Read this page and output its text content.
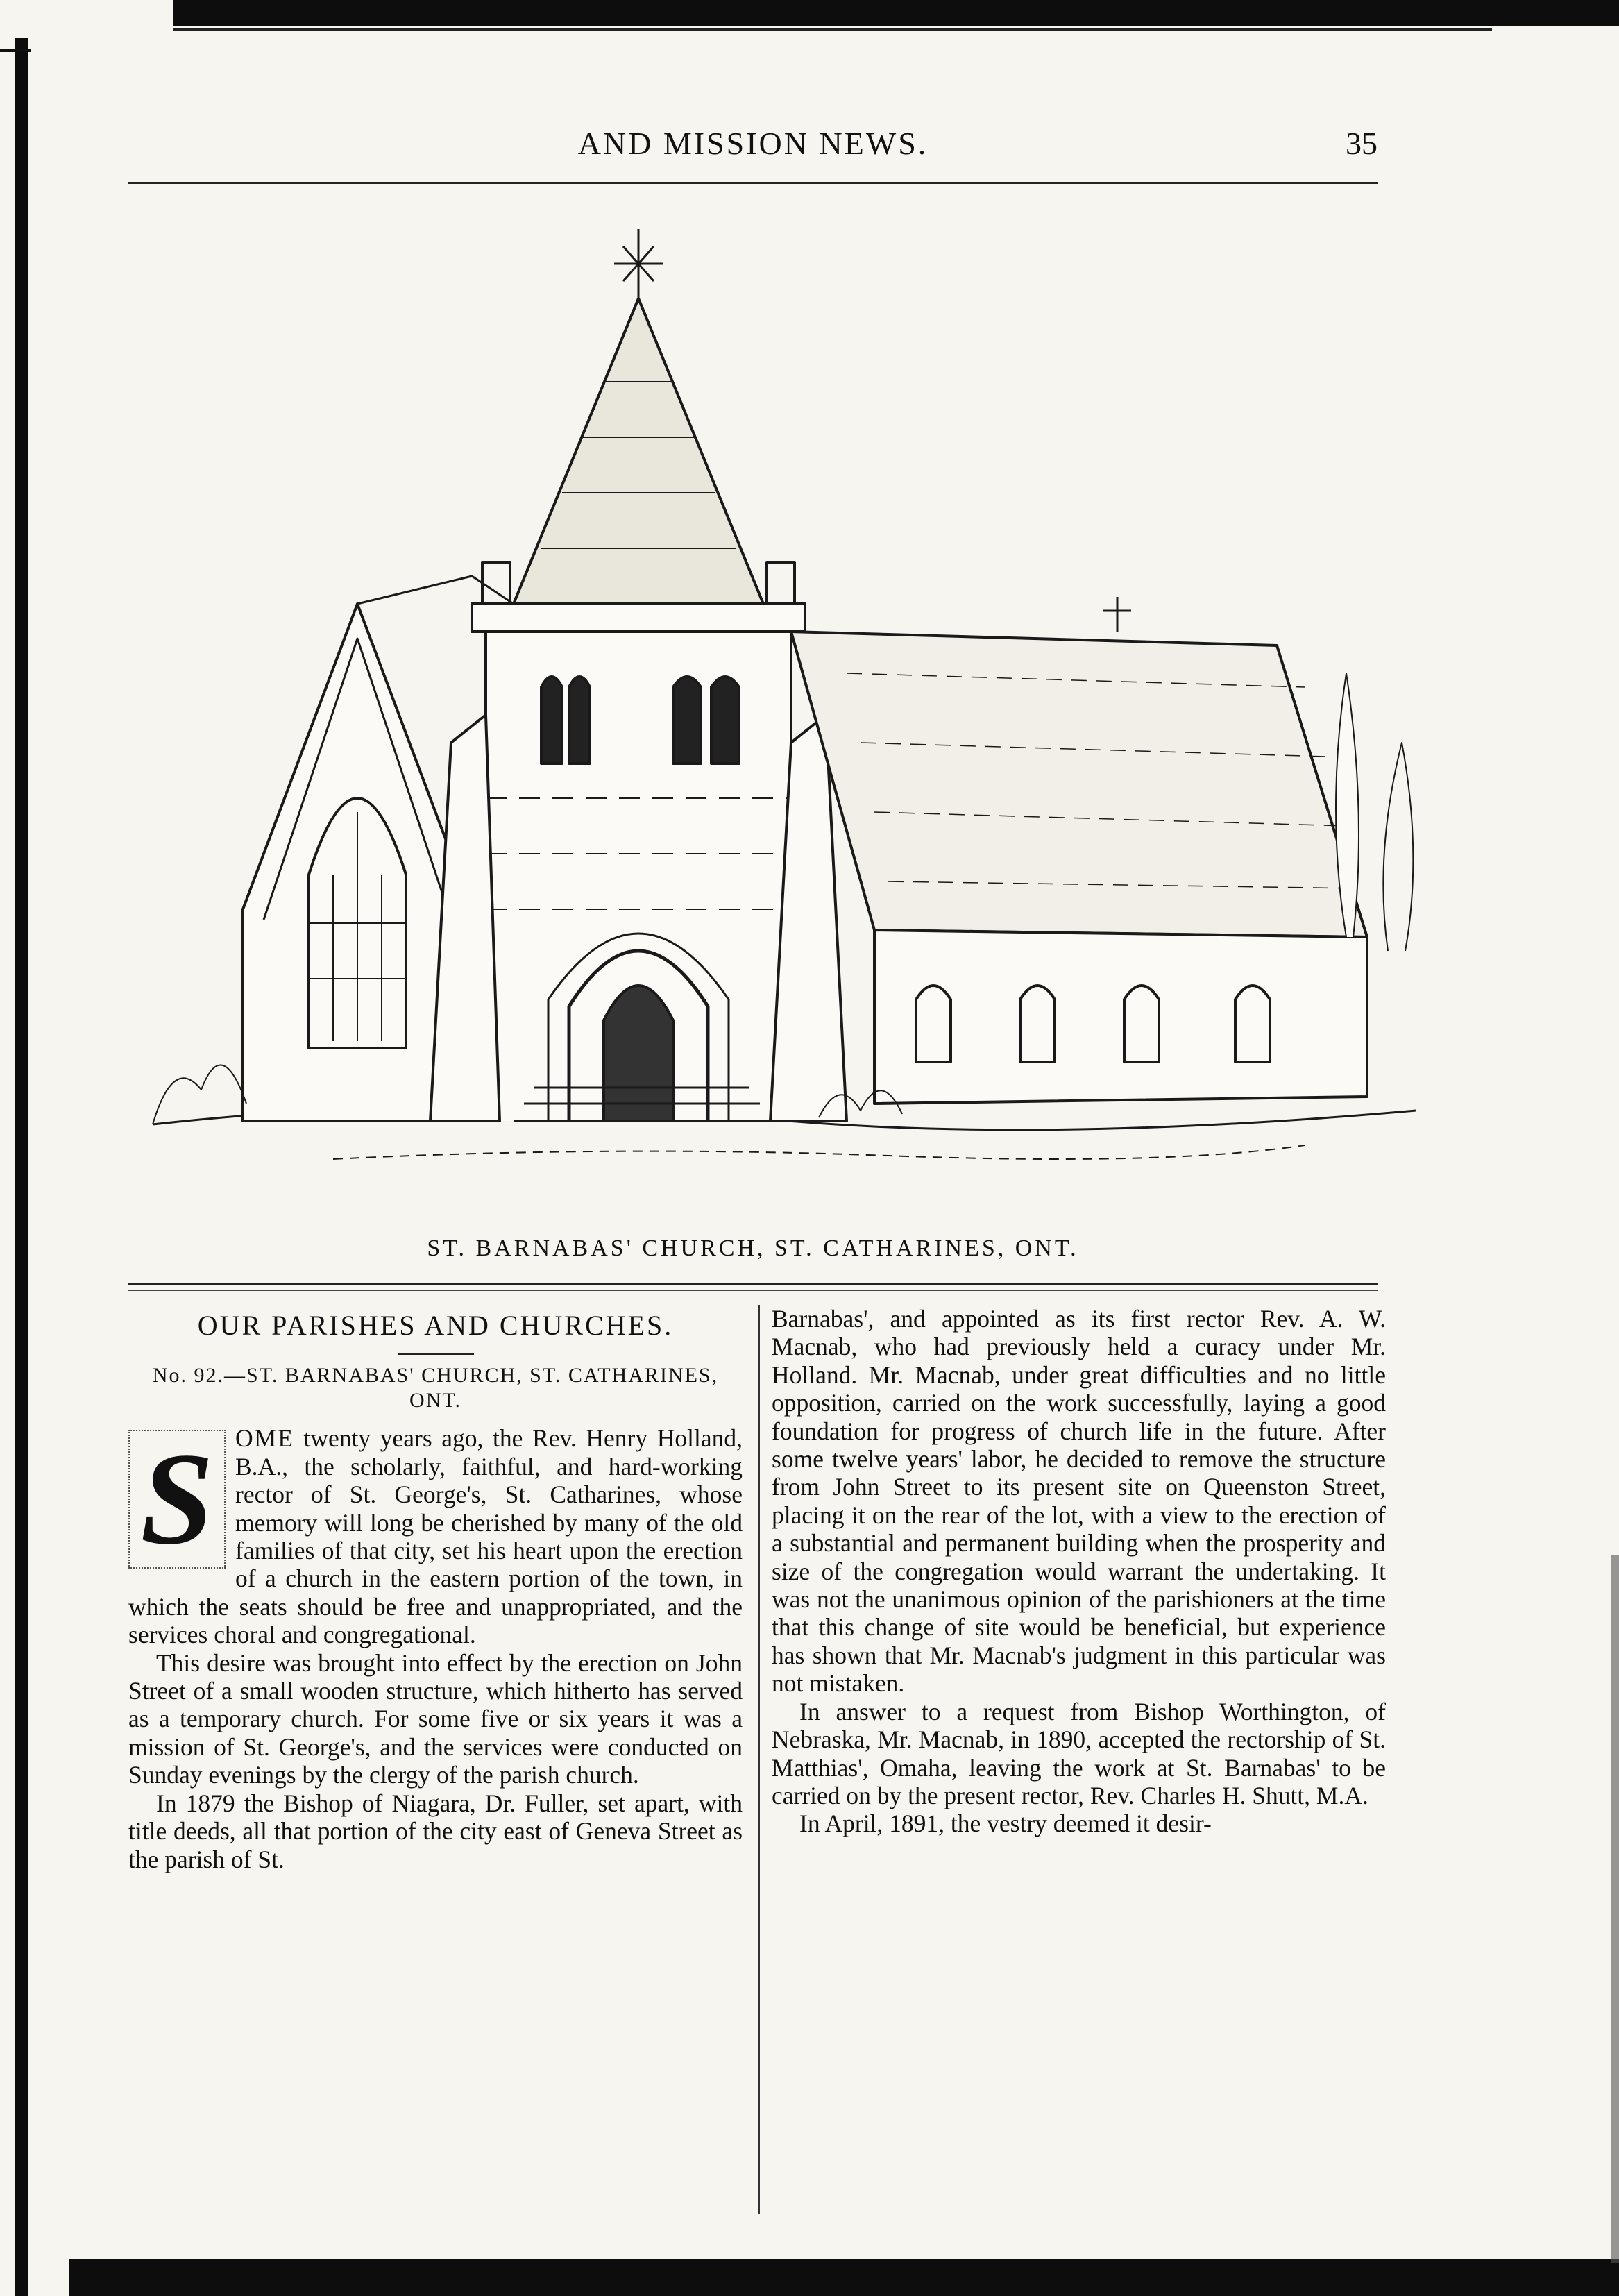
AND MISSION NEWS.	35
ST. BARNABAS' CHURCH, ST. CATHARINES, ONT.
OUR PARISHES AND CHURCHES.
No. 92.—ST. BARNABAS' CHURCH, ST. CATHARINES, ONT.

S OME twenty years ago, the Rev. Henry Holland, B.A., the scholarly, faithful, and hard-working rector of St. George's, St. Catharines, whose memory will long be cherished by many of the old families of that city, set his heart upon the erection of a church in the eastern portion of the town, in which the seats should be free and unappropriated, and the services choral and congregational.

This desire was brought into effect by the erection on John Street of a small wooden structure, which hitherto has served as a temporary church. For some five or six years it was a mission of St. George's, and the services were conducted on Sunday evenings by the clergy of the parish church.

In 1879 the Bishop of Niagara, Dr. Fuller, set apart, with title deeds, all that portion of the city east of Geneva Street as the parish of St.

Barnabas', and appointed as its first rector Rev. A. W. Macnab, who had previously held a curacy under Mr. Holland. Mr. Macnab, under great difficulties and no little opposition, carried on the work successfully, laying a good foundation for progress of church life in the future. After some twelve years' labor, he decided to remove the structure from John Street to its present site on Queenston Street, placing it on the rear of the lot, with a view to the erection of a substantial and permanent building when the prosperity and size of the congregation would warrant the undertaking. It was not the unanimous opinion of the parishioners at the time that this change of site would be beneficial, but experience has shown that Mr. Macnab's judgment in this particular was not mistaken.

In answer to a request from Bishop Worthington, of Nebraska, Mr. Macnab, in 1890, accepted the rectorship of St. Matthias', Omaha, leaving the work at St. Barnabas' to be carried on by the present rector, Rev. Charles H. Shutt, M.A.

In April, 1891, the vestry deemed it desir-
